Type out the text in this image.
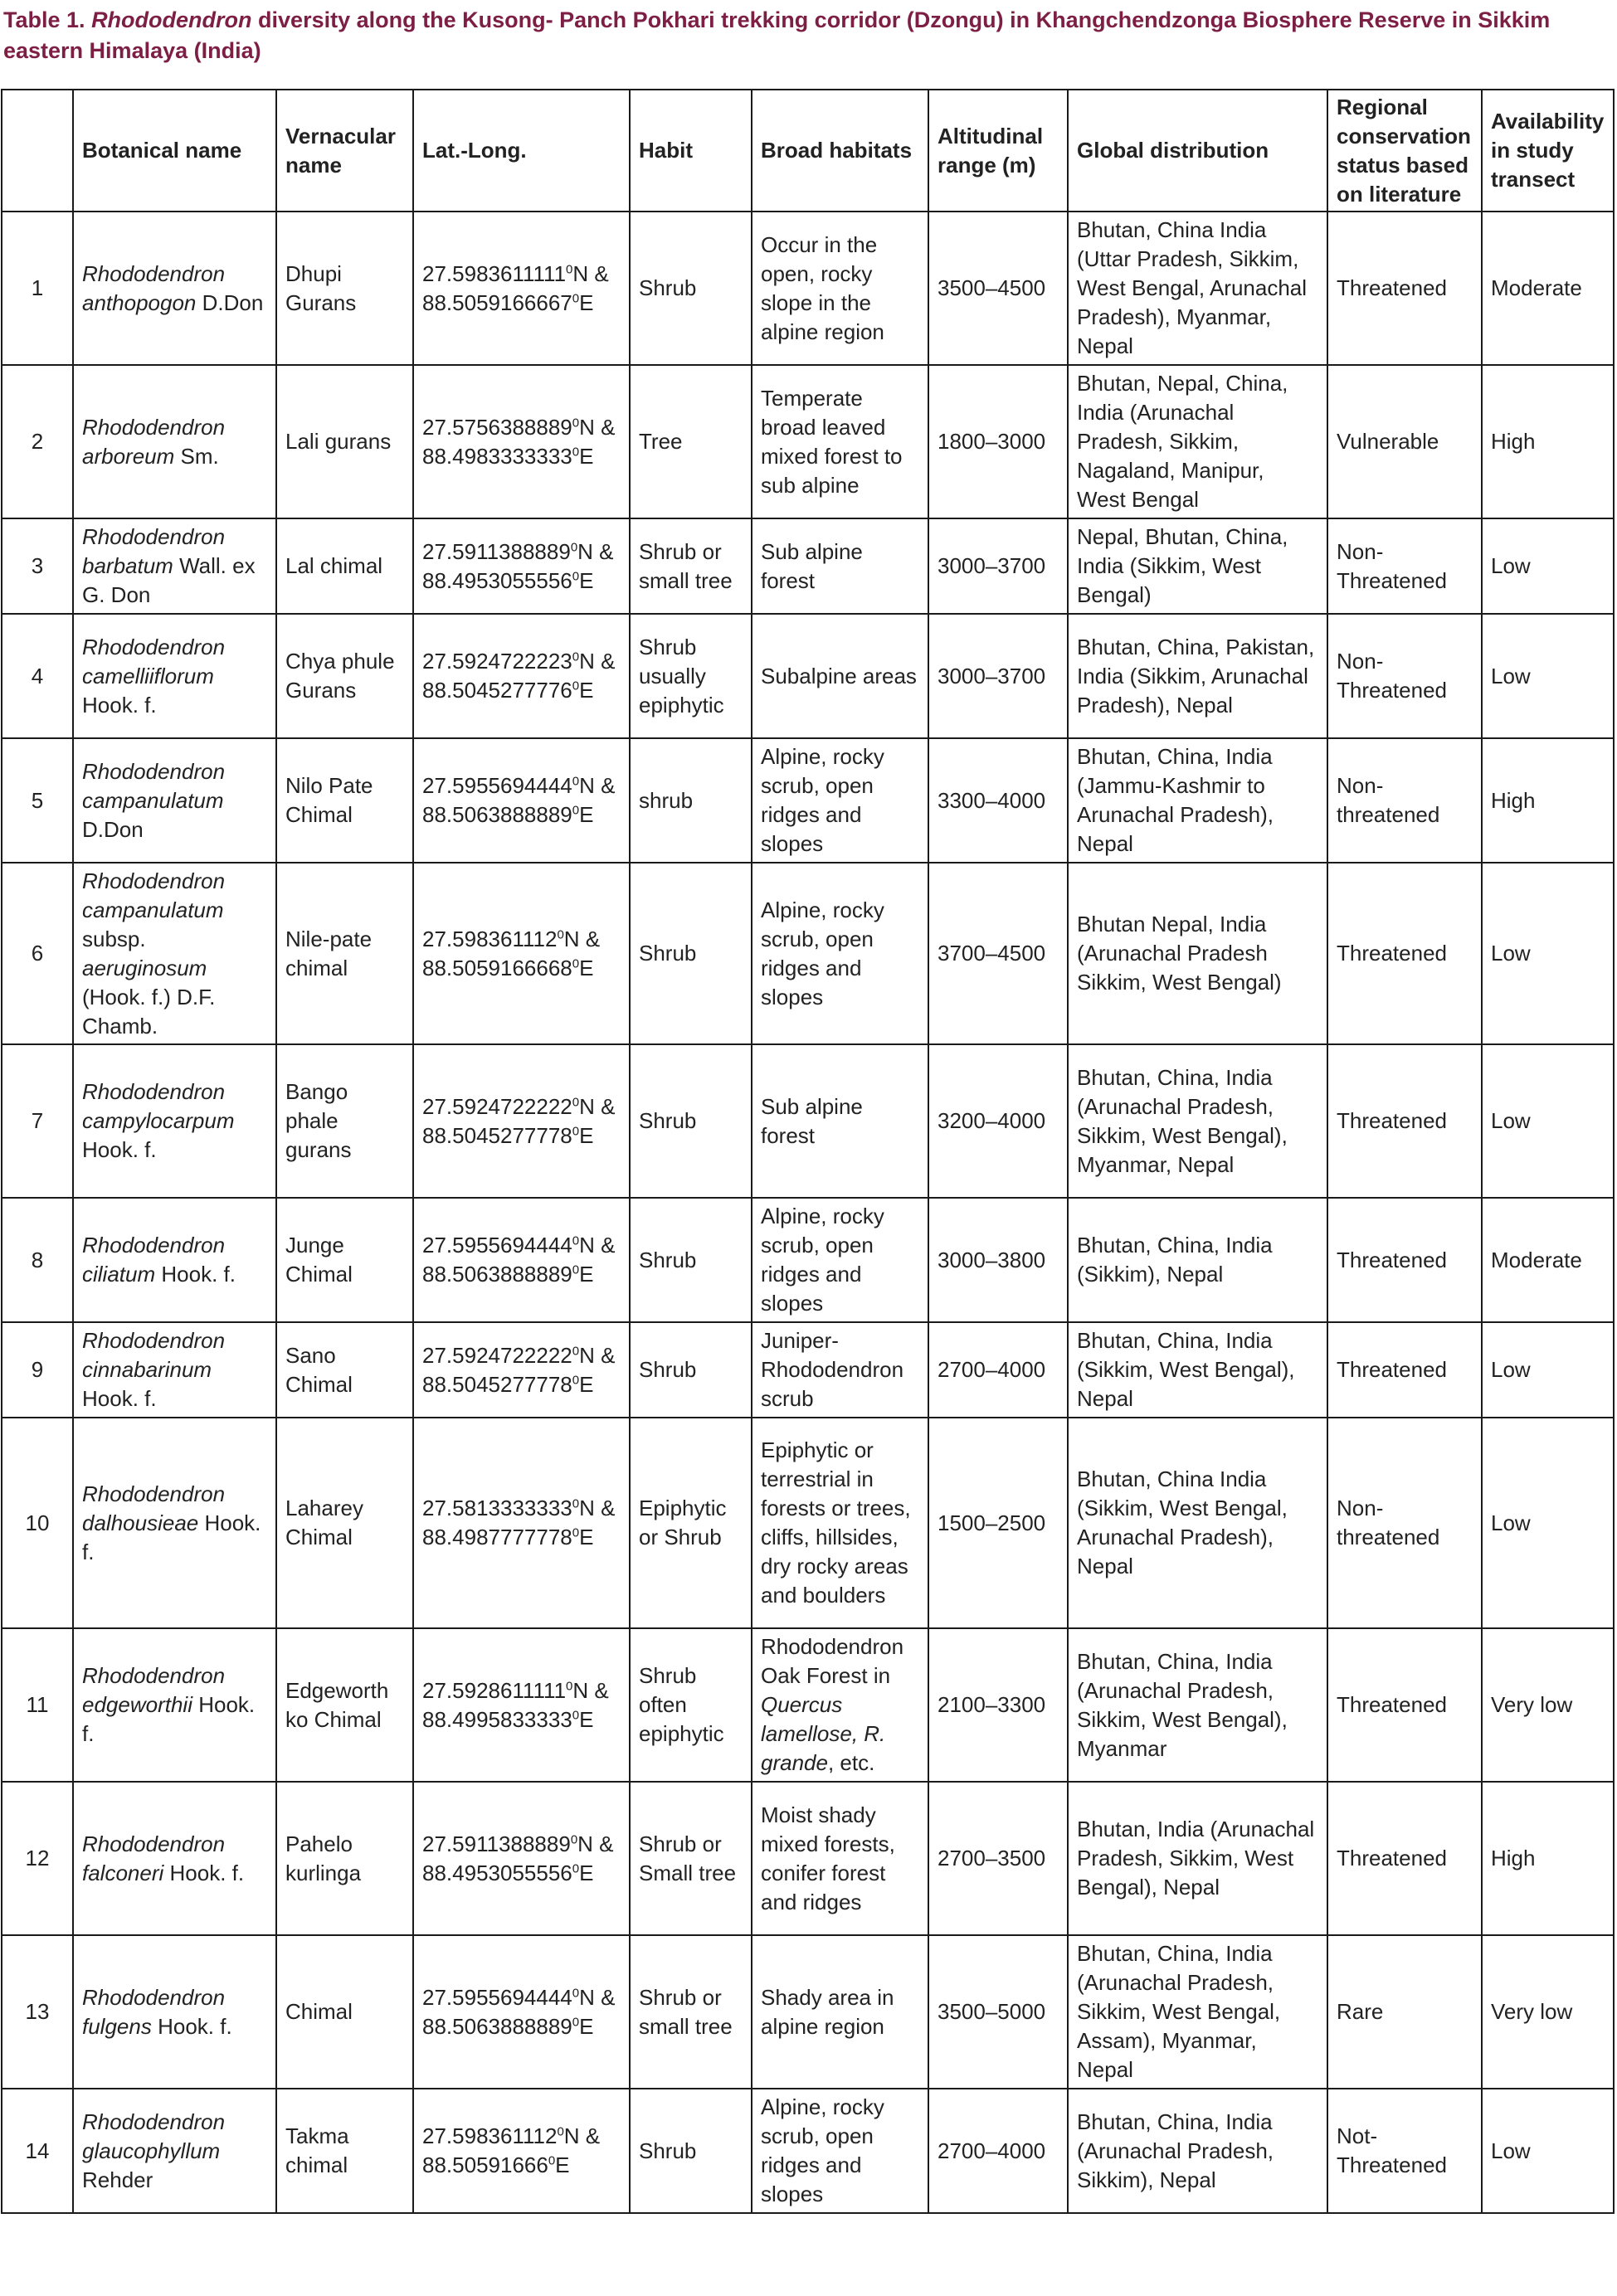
Table 1. Rhododendron diversity along the Kusong- Panch Pokhari trekking corridor (Dzongu) in Khangchendzonga Biosphere Reserve in Sikkim eastern Himalaya (India)
	Botanical name	Vernacular name	Lat.-Long.	Habit	Broad habitats	Altitudinal range (m)	Global distribution	Regional conservation status based on literature	Availability in study transect
1	Rhododendron anthopogon D.Don	Dhupi Gurans	27.5983611111$^0$N & 88.5059166667$^0$E	Shrub	Occur in the open, rocky slope in the alpine region	3500–4500	Bhutan, China India (Uttar Pradesh, Sikkim, West Bengal, Arunachal Pradesh), Myanmar, Nepal	Threatened	Moderate
2	Rhododendron arboreum Sm.	Lali gurans	27.5756388889$^0$N & 88.4983333333$^0$E	Tree	Temperate broad leaved mixed forest to sub alpine	1800–3000	Bhutan, Nepal, China, India (Arunachal Pradesh, Sikkim, Nagaland, Manipur, West Bengal	Vulnerable	High
3	Rhododendron barbatum Wall. ex G. Don	Lal chimal	27.5911388889$^0$N & 88.4953055556$^0$E	Shrub or small tree	Sub alpine forest	3000–3700	Nepal, Bhutan, China, India (Sikkim, West Bengal)	Non-Threatened	Low
4	Rhododendron camelliiflorum Hook. f.	Chya phule Gurans	27.5924722223$^0$N & 88.5045277776$^0$E	Shrub usually epiphytic	Subalpine areas	3000–3700	Bhutan, China, Pakistan, India (Sikkim, Arunachal Pradesh), Nepal	Non-Threatened	Low
5	Rhododendron campanulatum D.Don	Nilo Pate Chimal	27.5955694444$^0$N & 88.5063888889$^0$E	shrub	Alpine, rocky scrub, open ridges and slopes	3300–4000	Bhutan, China, India (Jammu-Kashmir to Arunachal Pradesh), Nepal	Non-threatened	High
6	Rhododendron campanulatum subsp. aeruginosum (Hook. f.) D.F. Chamb.	Nile-pate chimal	27.598361112$^0$N & 88.5059166668$^0$E	Shrub	Alpine, rocky scrub, open ridges and slopes	3700–4500	Bhutan Nepal, India (Arunachal Pradesh Sikkim, West Bengal)	Threatened	Low
7	Rhododendron campylocarpum Hook. f.	Bango phale gurans	27.5924722222$^0$N & 88.5045277778$^0$E	Shrub	Sub alpine forest	3200–4000	Bhutan, China, India (Arunachal Pradesh, Sikkim, West Bengal), Myanmar, Nepal	Threatened	Low
8	Rhododendron ciliatum Hook. f.	Junge Chimal	27.5955694444$^0$N & 88.5063888889$^0$E	Shrub	Alpine, rocky scrub, open ridges and slopes	3000–3800	Bhutan, China, India (Sikkim), Nepal	Threatened	Moderate
9	Rhododendron cinnabarinum Hook. f.	Sano Chimal	27.5924722222$^0$N & 88.5045277778$^0$E	Shrub	Juniper-Rhododendron scrub	2700–4000	Bhutan, China, India (Sikkim, West Bengal), Nepal	Threatened	Low
10	Rhododendron dalhousieae Hook. f.	Laharey Chimal	27.5813333333$^0$N & 88.4987777778$^0$E	Epiphytic or Shrub	Epiphytic or terrestrial in forests or trees, cliffs, hillsides, dry rocky areas and boulders	1500–2500	Bhutan, China India (Sikkim, West Bengal, Arunachal Pradesh), Nepal	Non-threatened	Low
11	Rhododendron edgeworthii Hook. f.	Edgeworth ko Chimal	27.5928611111$^0$N & 88.4995833333$^0$E	Shrub often epiphytic	Rhododendron Oak Forest in Quercus lamellose, R. grande, etc.	2100–3300	Bhutan, China, India (Arunachal Pradesh, Sikkim, West Bengal), Myanmar	Threatened	Very low
12	Rhododendron falconeri Hook. f.	Pahelo kurlinga	27.5911388889$^0$N & 88.4953055556$^0$E	Shrub or Small tree	Moist shady mixed forests, conifer forest and ridges	2700–3500	Bhutan, India (Arunachal Pradesh, Sikkim, West Bengal), Nepal	Threatened	High
13	Rhododendron fulgens Hook. f.	Chimal	27.5955694444$^0$N & 88.5063888889$^0$E	Shrub or small tree	Shady area in alpine region	3500–5000	Bhutan, China, India (Arunachal Pradesh, Sikkim, West Bengal, Assam), Myanmar, Nepal	Rare	Very low
14	Rhododendron glaucophyllum Rehder	Takma chimal	27.598361112$^0$N & 88.50591666$^0$E	Shrub	Alpine, rocky scrub, open ridges and slopes	2700–4000	Bhutan, China, India (Arunachal Pradesh, Sikkim), Nepal	Not-Threatened	Low
